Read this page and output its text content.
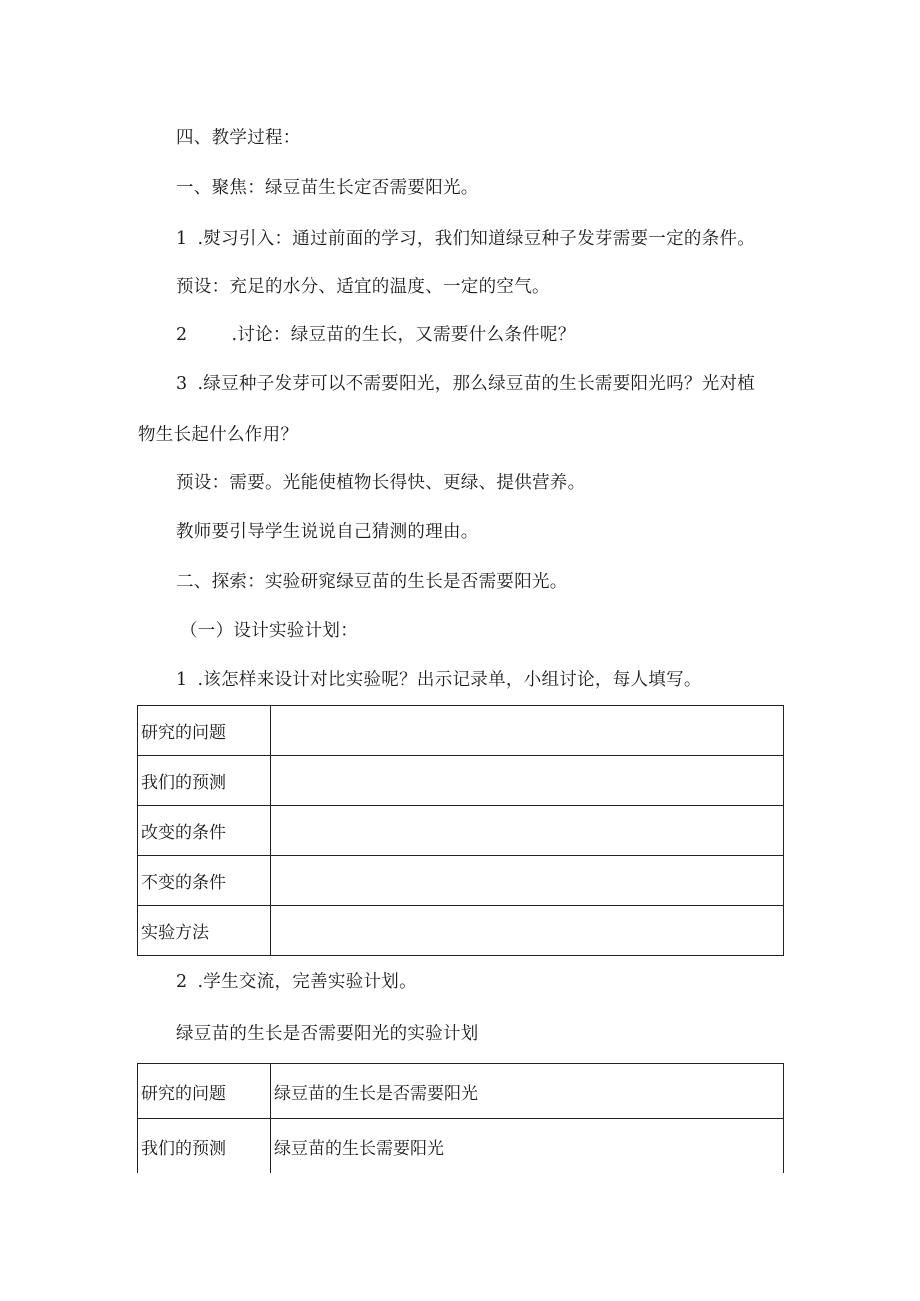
四、教学过程：

一、聚焦：绿豆苗生长定否需要阳光。

1 .熨习引入：通过前面的学习，我们知道绿豆种子发芽需要一定的条件。

预设：充足的水分、适宜的温度、一定的空气。

2	.讨论：绿豆苗的生长，又需要什么条件呢？

3 .绿豆种子发芽可以不需要阳光，那么绿豆苗的生长需要阳光吗？光对植

物生长起什么作用？

预设：需要。光能使植物长得快、更绿、提供营养。

教师要引导学生说说自己猜测的理由。

二、探索：实验研窕绿豆苗的生长是否需要阳光。

（一）设计实验计划：

1 .该怎样来设计对比实验呢？出示记录单，小组讨论，每人填写。

研究的问题	
我们的预测	
改变的条件	
不变的条件	
实验方法	

2 .学生交流，完善实验计划。

绿豆苗的生长是否需要阳光的实验计划

研究的问题	绿豆苗的生长是否需要阳光
我们的预测	绿豆苗的生长需要阳光
